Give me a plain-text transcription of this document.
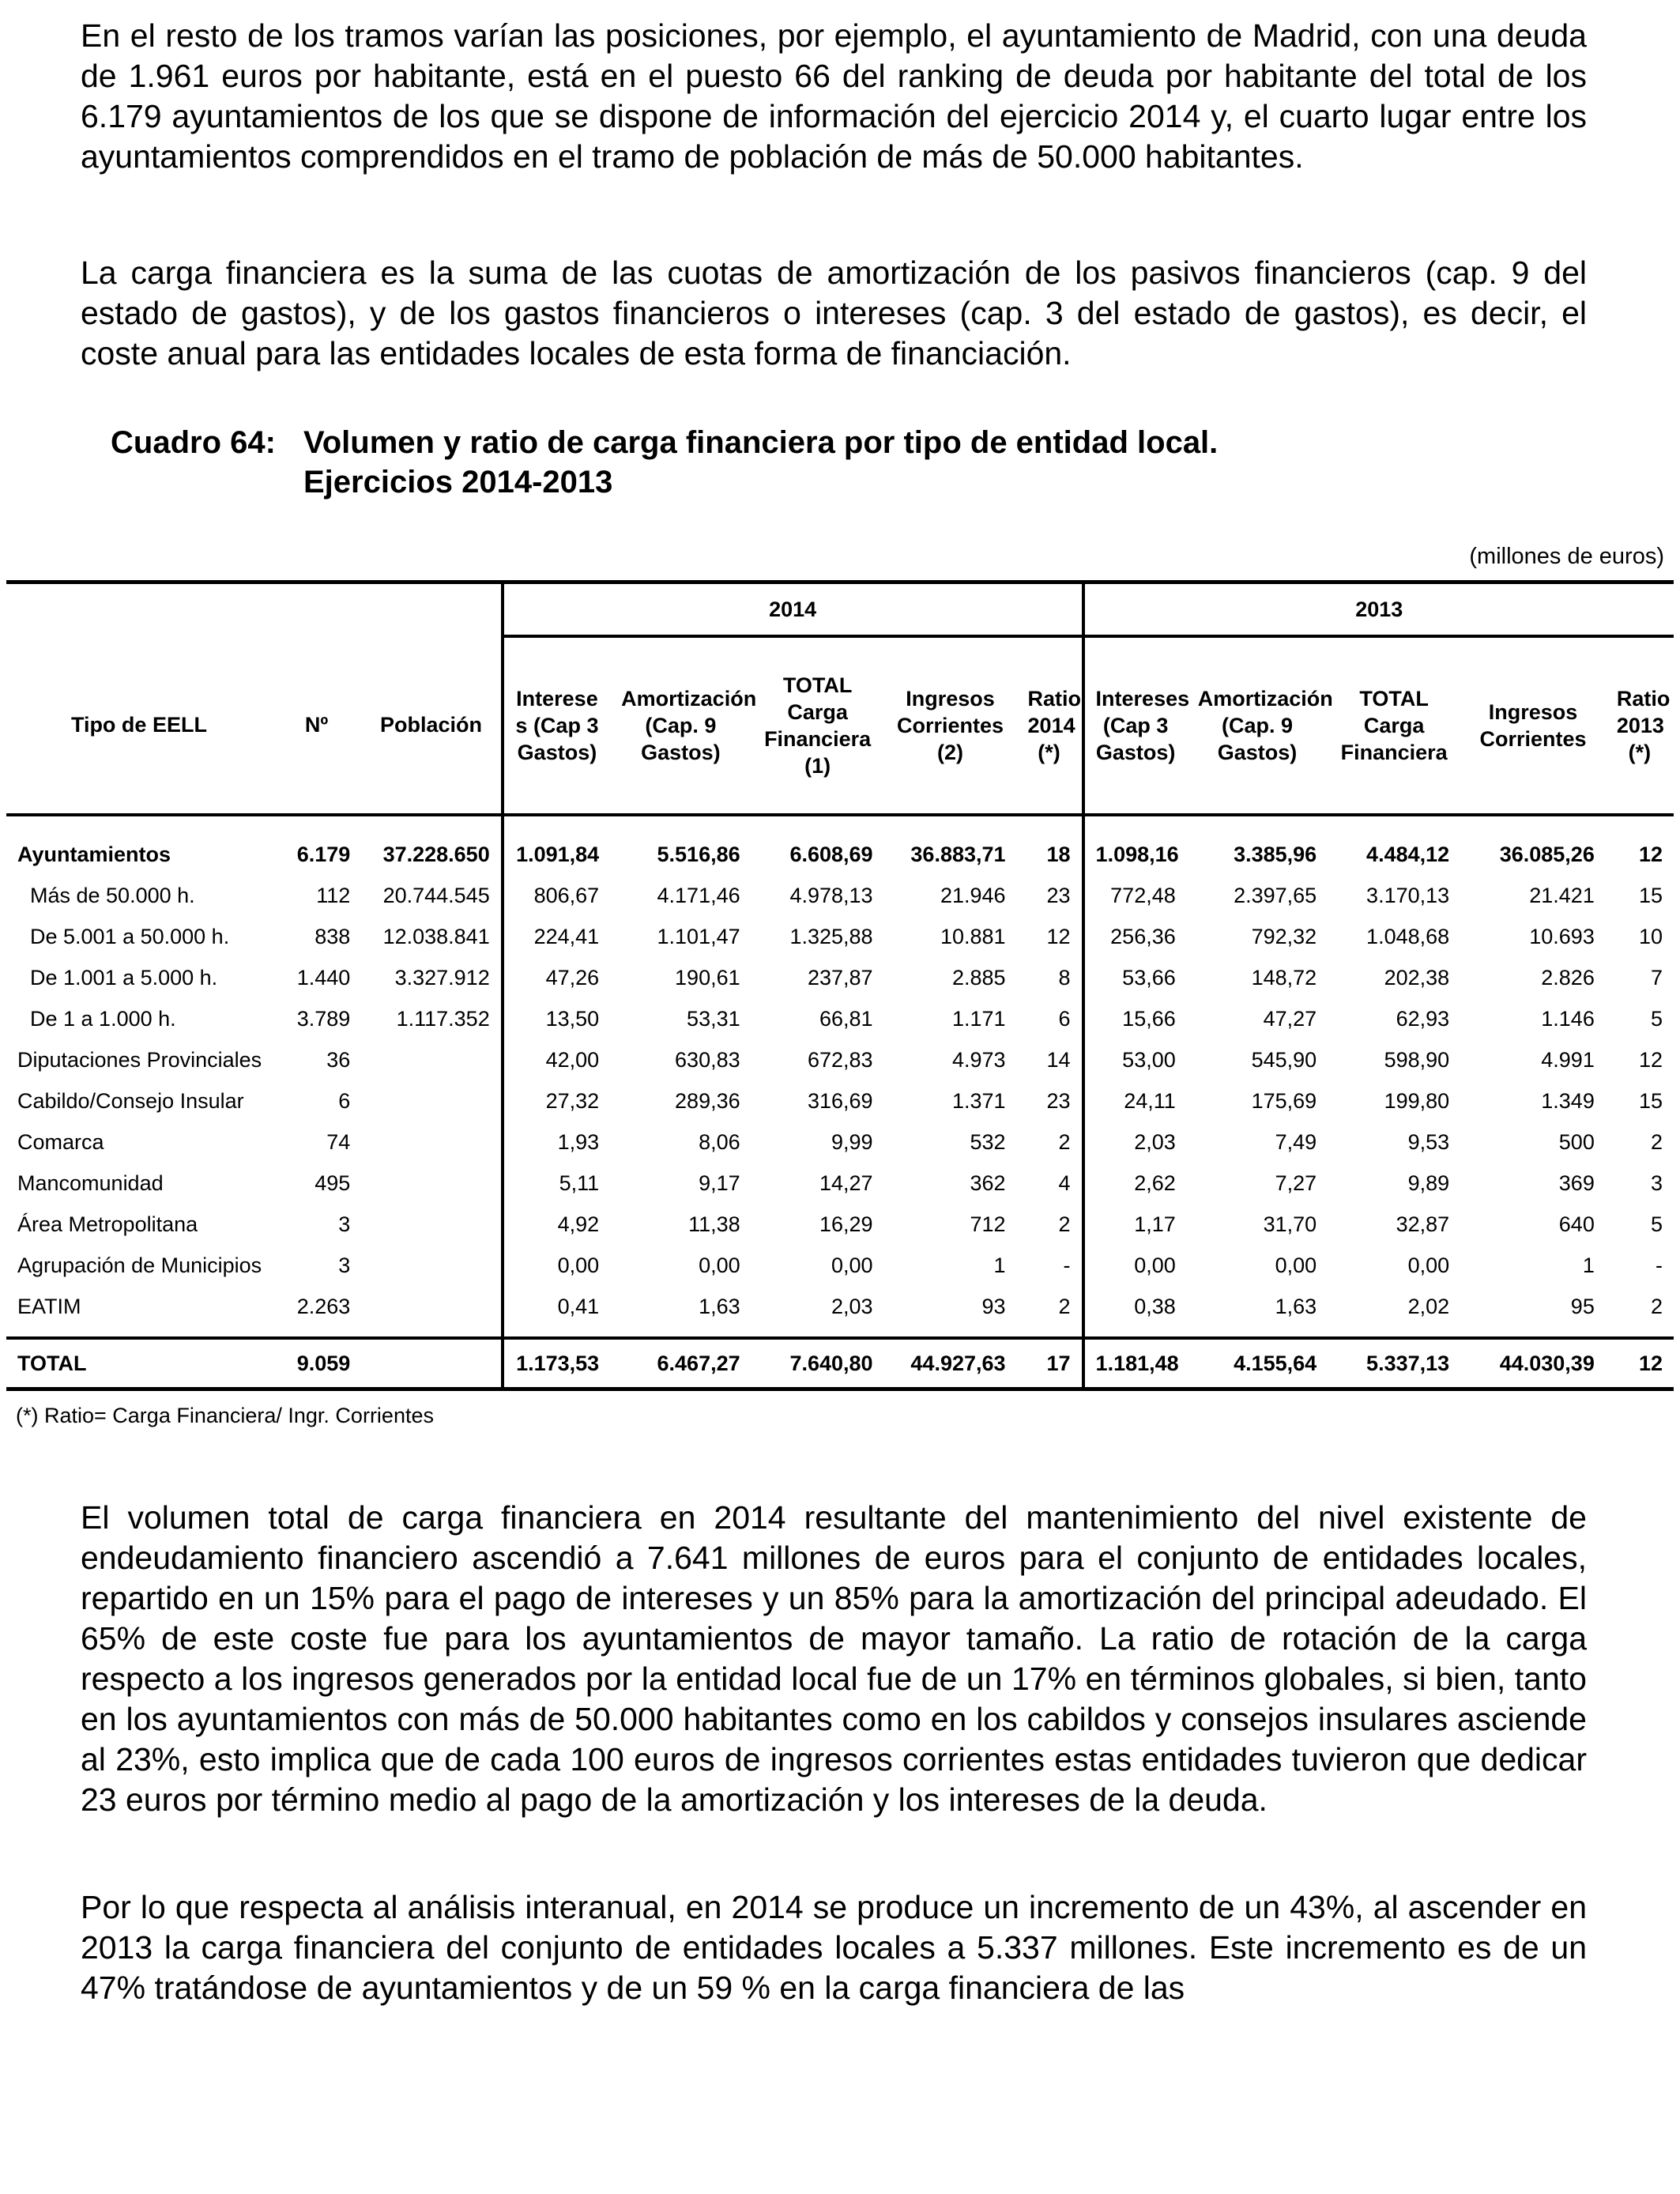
En el resto de los tramos varían las posiciones, por ejemplo, el ayuntamiento de Madrid, con una deuda de 1.961 euros por habitante, está en el puesto 66 del ranking de deuda por habitante del total de los 6.179 ayuntamientos de los que se dispone de información del ejercicio 2014 y, el cuarto lugar entre los ayuntamientos comprendidos en el tramo de población de más de 50.000 habitantes.

La carga financiera es la suma de las cuotas de amortización de los pasivos financieros (cap. 9 del estado de gastos), y de los gastos financieros o intereses (cap. 3 del estado de gastos), es decir, el coste anual para las entidades locales de esta forma de financiación.

Cuadro 64: Volumen y ratio de carga financiera por tipo de entidad local.
Ejercicios 2014-2013
(millones de euros)
			2014					2013				
Tipo de EELL	Nº	Población	Interese s (Cap 3 Gastos)	Amortización (Cap. 9 Gastos)	TOTAL Carga Financiera (1)	Ingresos Corrientes (2)	Ratio 2014 (*)	Intereses (Cap 3 Gastos)	Amortización (Cap. 9 Gastos)	TOTAL Carga Financiera	Ingresos Corrientes	Ratio 2013 (*)
Ayuntamientos	6.179	37.228.650	1.091,84	5.516,86	6.608,69	36.883,71	18	1.098,16	3.385,96	4.484,12	36.085,26	12
Más de 50.000 h.	112	20.744.545	806,67	4.171,46	4.978,13	21.946	23	772,48	2.397,65	3.170,13	21.421	15
De 5.001 a 50.000 h.	838	12.038.841	224,41	1.101,47	1.325,88	10.881	12	256,36	792,32	1.048,68	10.693	10
De 1.001 a 5.000 h.	1.440	3.327.912	47,26	190,61	237,87	2.885	8	53,66	148,72	202,38	2.826	7
De 1 a 1.000 h.	3.789	1.117.352	13,50	53,31	66,81	1.171	6	15,66	47,27	62,93	1.146	5
Diputaciones Provinciales	36		42,00	630,83	672,83	4.973	14	53,00	545,90	598,90	4.991	12
Cabildo/Consejo Insular	6		27,32	289,36	316,69	1.371	23	24,11	175,69	199,80	1.349	15
Comarca	74		1,93	8,06	9,99	532	2	2,03	7,49	9,53	500	2
Mancomunidad	495		5,11	9,17	14,27	362	4	2,62	7,27	9,89	369	3
Área Metropolitana	3		4,92	11,38	16,29	712	2	1,17	31,70	32,87	640	5
Agrupación de Municipios	3		0,00	0,00	0,00	1	-	0,00	0,00	0,00	1	-
EATIM	2.263		0,41	1,63	2,03	93	2	0,38	1,63	2,02	95	2
TOTAL	9.059		1.173,53	6.467,27	7.640,80	44.927,63	17	1.181,48	4.155,64	5.337,13	44.030,39	12
(*) Ratio= Carga Financiera/ Ingr. Corrientes

El volumen total de carga financiera en 2014 resultante del mantenimiento del nivel existente de endeudamiento financiero ascendió a 7.641 millones de euros para el conjunto de entidades locales, repartido en un 15% para el pago de intereses y un 85% para la amortización del principal adeudado. El 65% de este coste fue para los ayuntamientos de mayor tamaño. La ratio de rotación de la carga respecto a los ingresos generados por la entidad local fue de un 17% en términos globales, si bien, tanto en los ayuntamientos con más de 50.000 habitantes como en los cabildos y consejos insulares asciende al 23%, esto implica que de cada 100 euros de ingresos corrientes estas entidades tuvieron que dedicar 23 euros por término medio al pago de la amortización y los intereses de la deuda.

Por lo que respecta al análisis interanual, en 2014 se produce un incremento de un 43%, al ascender en 2013 la carga financiera del conjunto de entidades locales a 5.337 millones. Este incremento es de un 47% tratándose de ayuntamientos y de un 59 % en la carga financiera de las
